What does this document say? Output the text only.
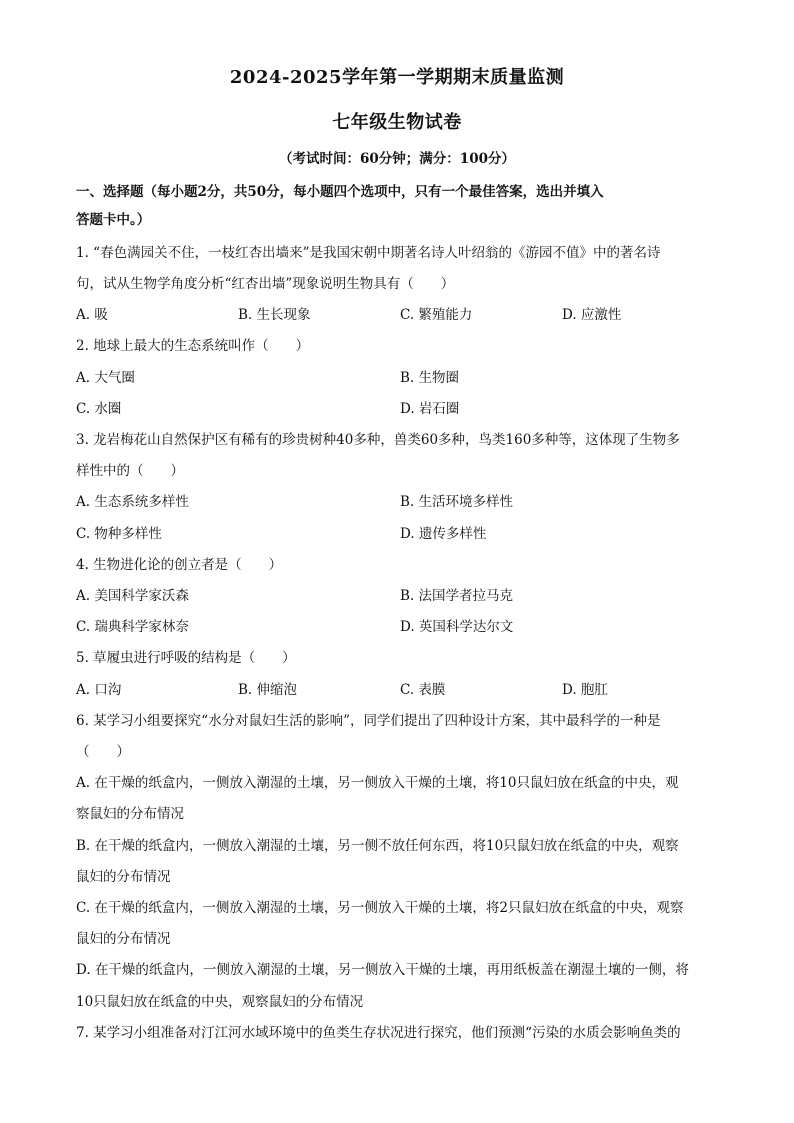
2024-2025学年第一学期期末质量监测
七年级生物试卷
（考试时间：60分钟；满分：100分）
一、选择题（每小题2分，共50分，每小题四个选项中，只有一个最佳答案，选出并填入
答题卡中。）
1. “春色满园关不住，一枝红杏出墙来”是我国宋朝中期著名诗人叶绍翁的《游园不值》中的著名诗
句，试从生物学角度分析“红杏出墙”现象说明生物具有（　　）
A. 吸	B. 生长现象	C. 繁殖能力	D. 应激性
2. 地球上最大的生态系统叫作（　　）
A. 大气圈	B. 生物圈
C. 水圈	D. 岩石圈
3. 龙岩梅花山自然保护区有稀有的珍贵树种40多种，兽类60多种，鸟类160多种等，这体现了生物多
样性中的（　　）
A. 生态系统多样性	B. 生活环境多样性
C. 物种多样性	D. 遗传多样性
4. 生物进化论的创立者是（　　）
A. 美国科学家沃森	B. 法国学者拉马克
C. 瑞典科学家林奈	D. 英国科学达尔文
5. 草履虫进行呼吸的结构是（　　）
A. 口沟	B. 伸缩泡	C. 表膜	D. 胞肛
6. 某学习小组要探究“水分对鼠妇生活的影响”，同学们提出了四种设计方案，其中最科学的一种是
（　　）
A. 在干燥的纸盒内，一侧放入潮湿的土壤，另一侧放入干燥的土壤，将10只鼠妇放在纸盒的中央，观
察鼠妇的分布情况
B. 在干燥的纸盒内，一侧放入潮湿的土壤，另一侧不放任何东西，将10只鼠妇放在纸盒的中央，观察
鼠妇的分布情况
C. 在干燥的纸盒内，一侧放入潮湿的土壤，另一侧放入干燥的土壤，将2只鼠妇放在纸盒的中央，观察
鼠妇的分布情况
D. 在干燥的纸盒内，一侧放入潮湿的土壤，另一侧放入干燥的土壤，再用纸板盖在潮湿土壤的一侧，将
10只鼠妇放在纸盒的中央，观察鼠妇的分布情况
7. 某学习小组准备对汀江河水域环境中的鱼类生存状况进行探究，他们预测“污染的水质会影响鱼类的
